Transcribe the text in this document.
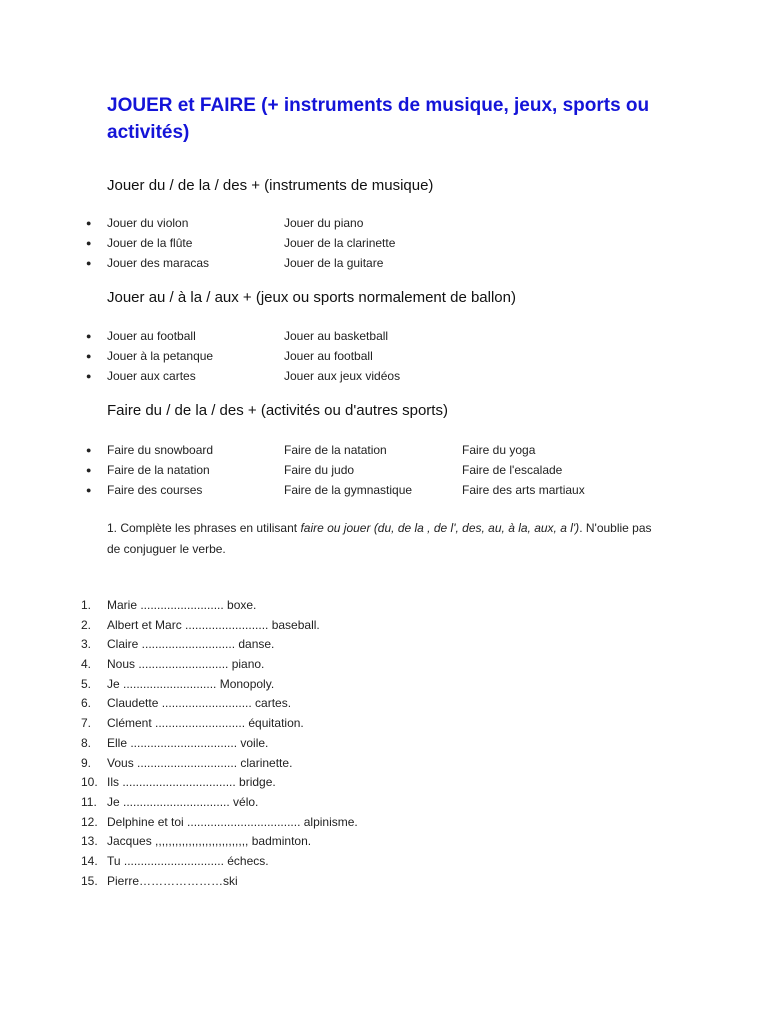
JOUER et FAIRE (+ instruments de musique, jeux, sports ou activités)
Jouer du / de la / des + (instruments de musique)
● Jouer du violon	Jouer du piano
● Jouer de la flûte	Jouer de la clarinette
● Jouer des maracas	Jouer de la guitare
Jouer au / à la / aux + (jeux ou sports normalement de ballon)
● Jouer au football	Jouer au basketball
● Jouer à la petanque	Jouer au football
● Jouer aux cartes	Jouer aux jeux vidéos
Faire du / de la / des + (activités ou d'autres sports)
● Faire du snowboard	Faire de la natation	Faire du yoga
● Faire de la natation	Faire du judo	Faire de l'escalade
● Faire des courses	Faire de la gymnastique	Faire des arts martiaux

1. Complète les phrases en utilisant faire ou jouer (du, de la , de l', des, au, à la, aux, a l'). N'oublie pas de conjuguer le verbe.

1. Marie ......................... boxe.
2. Albert et Marc ......................... baseball.
3. Claire ............................ danse.
4. Nous ........................... piano.
5. Je ............................ Monopoly.
6. Claudette ........................... cartes.
7. Clément ........................... équitation.
8. Elle ................................ voile.
9. Vous .............................. clarinette.
10. Ils .................................. bridge.
11. Je ................................ vélo.
12. Delphine et toi .................................. alpinisme.
13. Jacques ,,,,,,,,,,,,,,,,,,,,,,,,,,,, badminton.
14. Tu .............................. échecs.
15. Pierre…………………ski
